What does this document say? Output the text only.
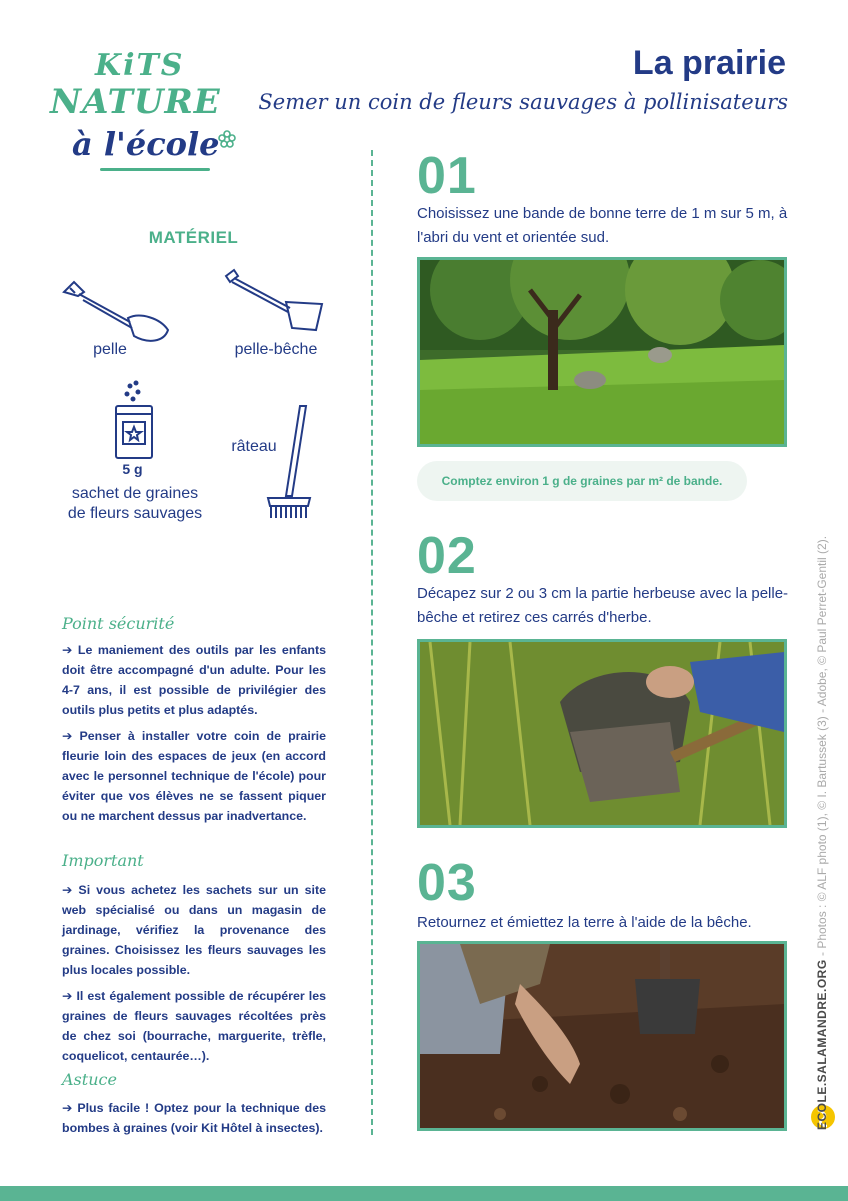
KiTS
NATURE
à l'école
La prairie
Semer un coin de fleurs sauvages à pollinisateurs
MATÉRIEL
pelle	pelle-bêche
5 g
sachet de graines
de fleurs sauvages
râteau
Point sécurité

➔ Le maniement des outils par les enfants doit être accompagné d'un adulte. Pour les 4-7 ans, il est possible de privilégier des outils plus petits et plus adaptés.

➔ Penser à installer votre coin de prairie fleurie loin des espaces de jeux (en accord avec le personnel technique de l'école) pour éviter que vos élèves ne se fassent piquer ou ne marchent dessus par inadvertance.

Important

➔ Si vous achetez les sachets sur un site web spécialisé ou dans un magasin de jardinage, vérifiez la provenance des graines. Choisissez les fleurs sauvages les plus locales possible.

➔ Il est également possible de récupérer les graines de fleurs sauvages récoltées près de chez soi (bourrache, marguerite, trèfle, coquelicot, centaurée…).

Astuce

➔ Plus facile ! Optez pour la technique des bombes à graines (voir Kit Hôtel à insectes).

01
Choisissez une bande de bonne terre de 1 m sur 5 m, à l'abri du vent et orientée sud.
Comptez environ 1 g de graines par m² de bande.
02
Décapez sur 2 ou 3 cm la partie herbeuse avec la pelle-bêche et retirez ces carrés d'herbe.
03
Retournez et émiettez la terre à l'aide de la bêche.
ECOLE.SALAMANDRE.ORG - Photos : © ALF photo (1), © I. Bartussek (3) - Adobe, © Paul Perret-Gentil (2).
